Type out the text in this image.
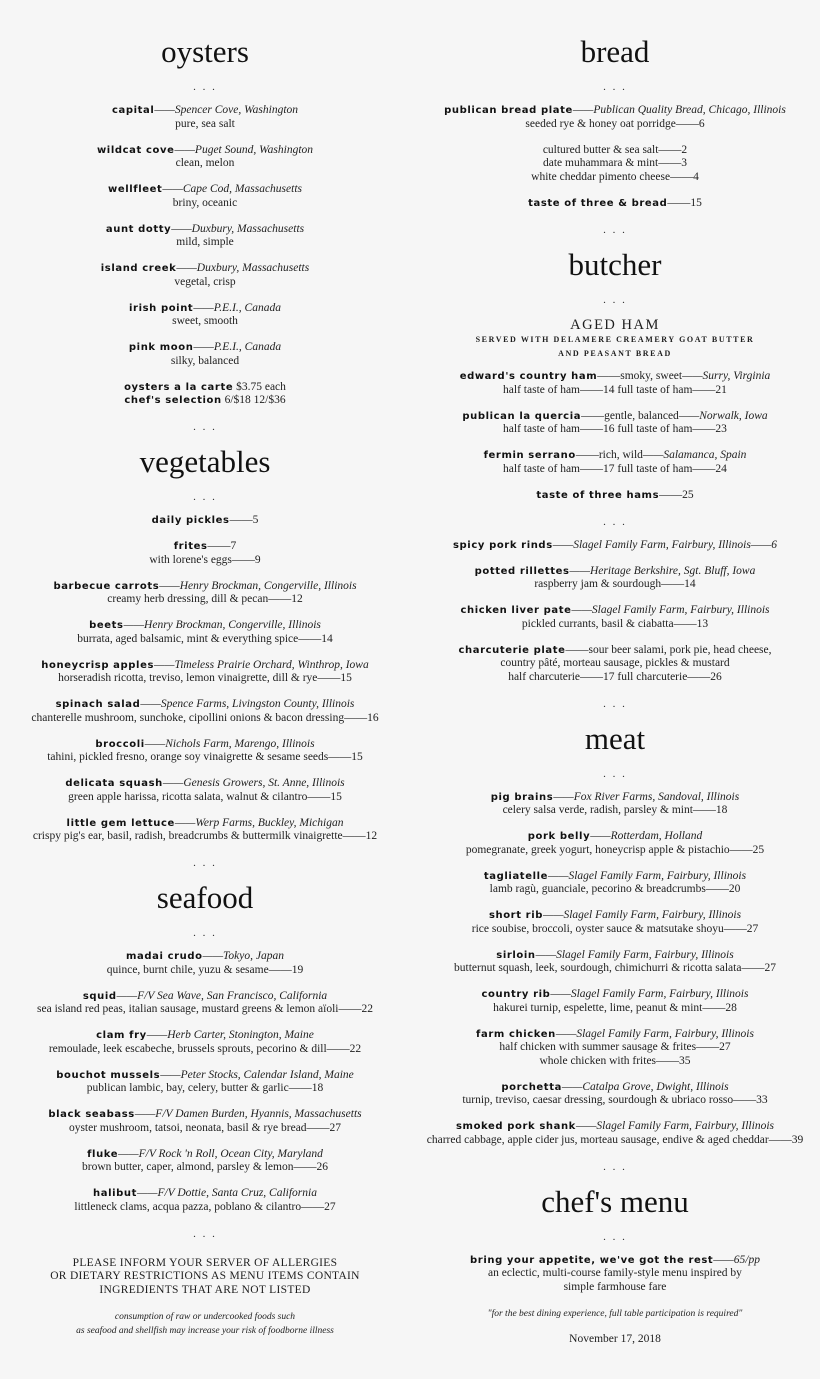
oysters
. . .
capital——Spencer Cove, Washington
pure, sea salt
wildcat cove——Puget Sound, Washington
clean, melon
wellfleet——Cape Cod, Massachusetts
briny, oceanic
aunt dotty——Duxbury, Massachusetts
mild, simple
island creek——Duxbury, Massachusetts
vegetal, crisp
irish point——P.E.I., Canada
sweet, smooth
pink moon——P.E.I., Canada
silky, balanced
oysters a la carte $3.75 each
chef's selection 6/$18 12/$36
. . .
vegetables
. . .
daily pickles——5
frites——7
with lorene's eggs——9
barbecue carrots——Henry Brockman, Congerville, Illinois
creamy herb dressing, dill & pecan——12
beets——Henry Brockman, Congerville, Illinois
burrata, aged balsamic, mint & everything spice——14
honeycrisp apples——Timeless Prairie Orchard, Winthrop, Iowa
horseradish ricotta, treviso, lemon vinaigrette, dill & rye——15
spinach salad——Spence Farms, Livingston County, Illinois
chanterelle mushroom, sunchoke, cipollini onions & bacon dressing——16
broccoli——Nichols Farm, Marengo, Illinois
tahini, pickled fresno, orange soy vinaigrette & sesame seeds——15
delicata squash——Genesis Growers, St. Anne, Illinois
green apple harissa, ricotta salata, walnut & cilantro——15
little gem lettuce——Werp Farms, Buckley, Michigan
crispy pig's ear, basil, radish, breadcrumbs & buttermilk vinaigrette——12
. . .
seafood
. . .
madai crudo——Tokyo, Japan
quince, burnt chile, yuzu & sesame——19
squid——F/V Sea Wave, San Francisco, California
sea island red peas, italian sausage, mustard greens & lemon aïoli——22
clam fry——Herb Carter, Stonington, Maine
remoulade, leek escabeche, brussels sprouts, pecorino & dill——22
bouchot mussels——Peter Stocks, Calendar Island, Maine
publican lambic, bay, celery, butter & garlic——18
black seabass——F/V Damen Burden, Hyannis, Massachusetts
oyster mushroom, tatsoi, neonata, basil & rye bread——27
fluke——F/V Rock 'n Roll, Ocean City, Maryland
brown butter, caper, almond, parsley & lemon——26
halibut——F/V Dottie, Santa Cruz, California
littleneck clams, acqua pazza, poblano & cilantro——27
. . .
PLEASE INFORM YOUR SERVER OF ALLERGIES
OR DIETARY RESTRICTIONS AS MENU ITEMS CONTAIN
INGREDIENTS THAT ARE NOT LISTED
consumption of raw or undercooked foods such
as seafood and shellfish may increase your risk of foodborne illness
bread
. . .
publican bread plate——Publican Quality Bread, Chicago, Illinois
seeded rye & honey oat porridge——6
cultured butter & sea salt——2
date muhammara & mint——3
white cheddar pimento cheese——4
taste of three & bread——15
. . .
butcher
. . .
AGED HAM
SERVED WITH DELAMERE CREAMERY GOAT BUTTER
AND PEASANT BREAD
edward's country ham——smoky, sweet——Surry, Virginia
half taste of ham——14 full taste of ham——21
publican la quercia——gentle, balanced——Norwalk, Iowa
half taste of ham——16 full taste of ham——23
fermin serrano——rich, wild——Salamanca, Spain
half taste of ham——17 full taste of ham——24
taste of three hams——25
. . .
spicy pork rinds——Slagel Family Farm, Fairbury, Illinois——6
potted rillettes——Heritage Berkshire, Sgt. Bluff, Iowa
raspberry jam & sourdough——14
chicken liver pate——Slagel Family Farm, Fairbury, Illinois
pickled currants, basil & ciabatta——13
charcuterie plate——sour beer salami, pork pie, head cheese,
country pâté, morteau sausage, pickles & mustard
half charcuterie——17 full charcuterie——26
. . .
meat
. . .
pig brains——Fox River Farms, Sandoval, Illinois
celery salsa verde, radish, parsley & mint——18
pork belly——Rotterdam, Holland
pomegranate, greek yogurt, honeycrisp apple & pistachio——25
tagliatelle——Slagel Family Farm, Fairbury, Illinois
lamb ragù, guanciale, pecorino & breadcrumbs——20
short rib——Slagel Family Farm, Fairbury, Illinois
rice soubise, broccoli, oyster sauce & matsutake shoyu——27
sirloin——Slagel Family Farm, Fairbury, Illinois
butternut squash, leek, sourdough, chimichurri & ricotta salata——27
country rib——Slagel Family Farm, Fairbury, Illinois
hakurei turnip, espelette, lime, peanut & mint——28
farm chicken——Slagel Family Farm, Fairbury, Illinois
half chicken with summer sausage & frites——27
whole chicken with frites——35
porchetta——Catalpa Grove, Dwight, Illinois
turnip, treviso, caesar dressing, sourdough & ubriaco rosso——33
smoked pork shank——Slagel Family Farm, Fairbury, Illinois
charred cabbage, apple cider jus, morteau sausage, endive & aged cheddar——39
. . .
chef's menu
. . .
bring your appetite, we've got the rest——65/pp
an eclectic, multi-course family-style menu inspired by
simple farmhouse fare
"for the best dining experience, full table participation is required"
November 17, 2018
